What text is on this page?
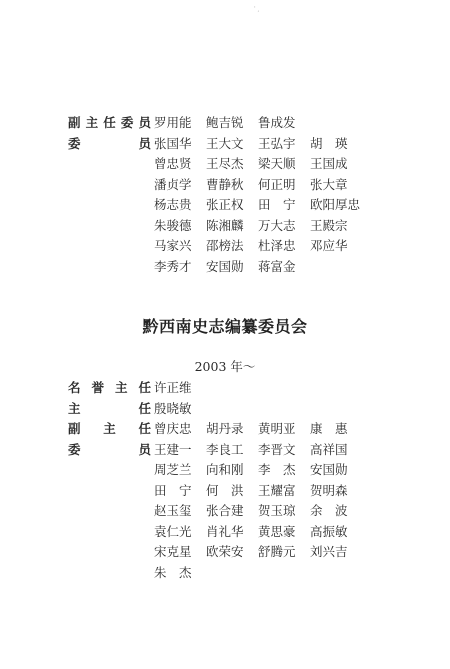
' ,
副 主 任 委 员 罗用能	鲍吉锐	鲁成发
委	员 张国华	王大文	王弘宇	胡　瑛
曾忠贤	王尽杰	梁天顺	王国成
潘贞学	曹静秋	何正明	张大章
杨志贵	张正权	田　宁	欧阳厚忠
朱骏德	陈湘麟	万大志	王殿宗
马家兴	邵榜法	杜泽忠	邓应华
李秀才	安国勋	蒋富金
黔西南史志编纂委员会
2003 年～
名 誉 主 任 许正维
主	任 殷晓敏
副 主 任 曾庆忠	胡丹录	黄明亚	康　惠
委	员 王建一	李良工	李晋文	高祥国
周芝兰	向和刚	李　杰	安国勋
田　宁	何　洪	王耀富	贺明森
赵玉玺	张合建	贺玉琼	余　波
袁仁光	肖礼华	黄思豪	高振敏
宋克星	欧荣安	舒腾元	刘兴吉
朱　杰
